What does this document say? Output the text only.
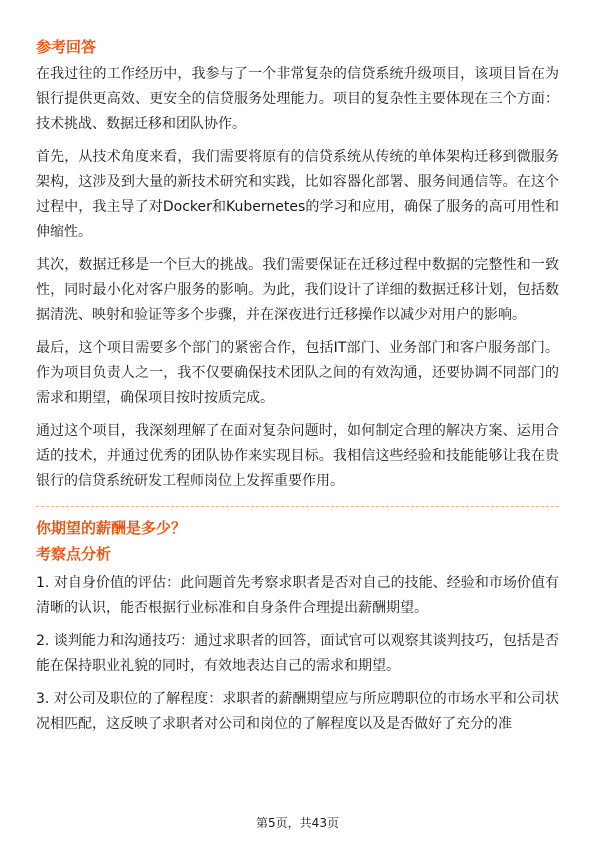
参考回答

在我过往的工作经历中，我参与了一个非常复杂的信贷系统升级项目，该项目旨在为银行提供更高效、更安全的信贷服务处理能力。项目的复杂性主要体现在三个方面：技术挑战、数据迁移和团队协作。

首先，从技术角度来看，我们需要将原有的信贷系统从传统的单体架构迁移到微服务架构，这涉及到大量的新技术研究和实践，比如容器化部署、服务间通信等。在这个过程中，我主导了对Docker和Kubernetes的学习和应用，确保了服务的高可用性和伸缩性。

其次，数据迁移是一个巨大的挑战。我们需要保证在迁移过程中数据的完整性和一致性，同时最小化对客户服务的影响。为此，我们设计了详细的数据迁移计划，包括数据清洗、映射和验证等多个步骤，并在深夜进行迁移操作以减少对用户的影响。

最后，这个项目需要多个部门的紧密合作，包括IT部门、业务部门和客户服务部门。作为项目负责人之一，我不仅要确保技术团队之间的有效沟通，还要协调不同部门的需求和期望，确保项目按时按质完成。

通过这个项目，我深刻理解了在面对复杂问题时，如何制定合理的解决方案、运用合适的技术，并通过优秀的团队协作来实现目标。我相信这些经验和技能能够让我在贵银行的信贷系统研发工程师岗位上发挥重要作用。

你期望的薪酬是多少？
考察点分析

1. 对自身价值的评估：此问题首先考察求职者是否对自己的技能、经验和市场价值有清晰的认识，能否根据行业标准和自身条件合理提出薪酬期望。

2. 谈判能力和沟通技巧：通过求职者的回答，面试官可以观察其谈判技巧，包括是否能在保持职业礼貌的同时，有效地表达自己的需求和期望。

3. 对公司及职位的了解程度：求职者的薪酬期望应与所应聘职位的市场水平和公司状况相匹配，这反映了求职者对公司和岗位的了解程度以及是否做好了充分的准

第5页，共43页
